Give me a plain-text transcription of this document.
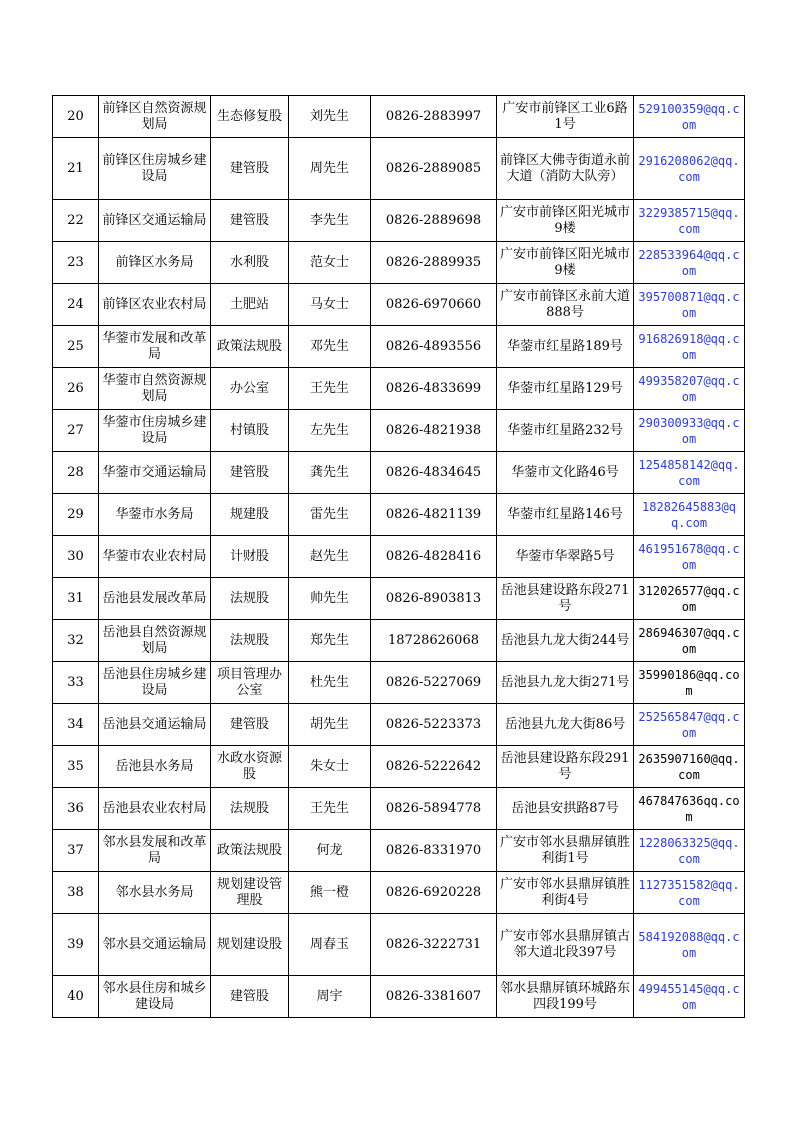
20	前锋区自然资源规划局	生态修复股	刘先生	0826-2883997	广安市前锋区工业6路1号	529100359@qq.com
21	前锋区住房城乡建设局	建管股	周先生	0826-2889085	前锋区大佛寺街道永前大道（消防大队旁）	2916208062@qq.com
22	前锋区交通运输局	建管股	李先生	0826-2889698	广安市前锋区阳光城市9楼	3229385715@qq.com
23	前锋区水务局	水利股	范女士	0826-2889935	广安市前锋区阳光城市9楼	228533964@qq.com
24	前锋区农业农村局	土肥站	马女士	0826-6970660	广安市前锋区永前大道888号	395700871@qq.com
25	华蓥市发展和改革局	政策法规股	邓先生	0826-4893556	华蓥市红星路189号	916826918@qq.com
26	华蓥市自然资源规划局	办公室	王先生	0826-4833699	华蓥市红星路129号	499358207@qq.com
27	华蓥市住房城乡建设局	村镇股	左先生	0826-4821938	华蓥市红星路232号	290300933@qq.com
28	华蓥市交通运输局	建管股	龚先生	0826-4834645	华蓥市文化路46号	1254858142@qq.com
29	华蓥市水务局	规建股	雷先生	0826-4821139	华蓥市红星路146号	18282645883@qq.com
30	华蓥市农业农村局	计财股	赵先生	0826-4828416	华蓥市华翠路5号	461951678@qq.com
31	岳池县发展改革局	法规股	帅先生	0826-8903813	岳池县建设路东段271号	312026577@qq.com
32	岳池县自然资源规划局	法规股	郑先生	18728626068	岳池县九龙大街244号	286946307@qq.com
33	岳池县住房城乡建设局	项目管理办公室	杜先生	0826-5227069	岳池县九龙大街271号	35990186@qq.com
34	岳池县交通运输局	建管股	胡先生	0826-5223373	岳池县九龙大街86号	252565847@qq.com
35	岳池县水务局	水政水资源股	朱女士	0826-5222642	岳池县建设路东段291号	2635907160@qq.com
36	岳池县农业农村局	法规股	王先生	0826-5894778	岳池县安拱路87号	467847636qq.com
37	邻水县发展和改革局	政策法规股	何龙	0826-8331970	广安市邻水县鼎屏镇胜利街1号	1228063325@qq.com
38	邻水县水务局	规划建设管理股	熊一橙	0826-6920228	广安市邻水县鼎屏镇胜利街4号	1127351582@qq.com
39	邻水县交通运输局	规划建设股	周春玉	0826-3222731	广安市邻水县鼎屏镇古邻大道北段397号	584192088@qq.com
40	邻水县住房和城乡建设局	建管股	周宇	0826-3381607	邻水县鼎屏镇环城路东四段199号	499455145@qq.com
